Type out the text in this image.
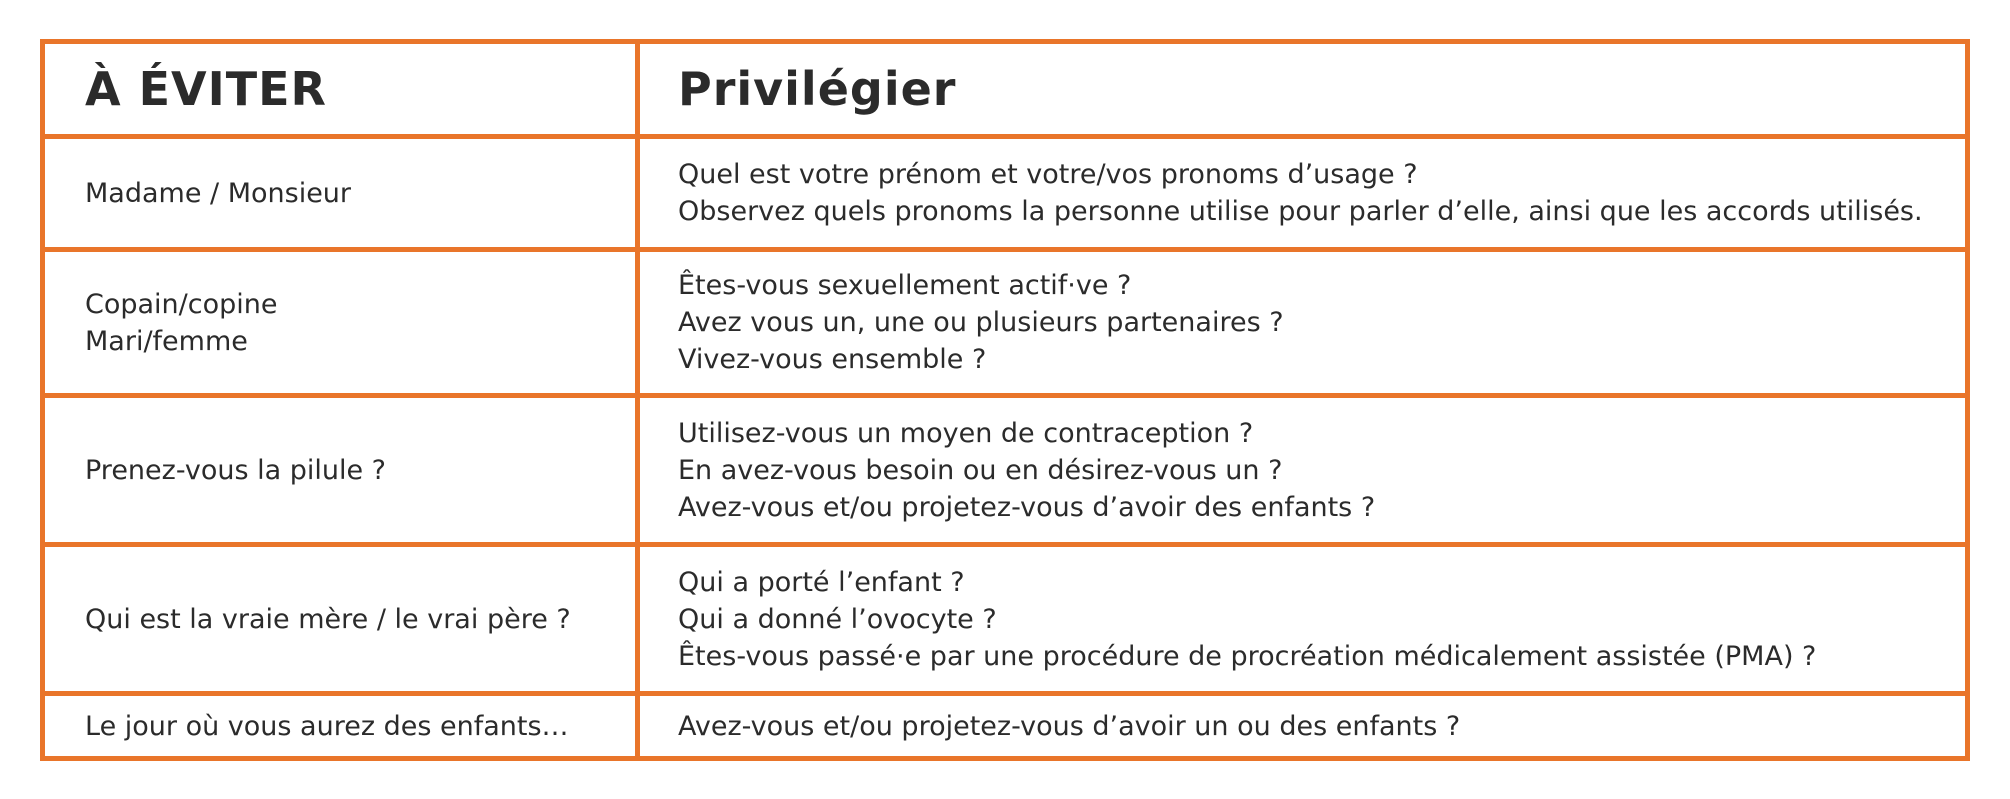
À ÉVITER	Privilégier
Madame / Monsieur
Quel est votre prénom et votre/vos pronoms d’usage ?
Observez quels pronoms la personne utilise pour parler d’elle, ainsi que les accords utilisés.
Copain/copine
Mari/femme
Êtes-vous sexuellement actif·ve ?
Avez vous un, une ou plusieurs partenaires ?
Vivez-vous ensemble ?
Prenez-vous la pilule ?
Utilisez-vous un moyen de contraception ?
En avez-vous besoin ou en désirez-vous un ?
Avez-vous et/ou projetez-vous d’avoir des enfants ?
Qui est la vraie mère / le vrai père ?
Qui a porté l’enfant ?
Qui a donné l’ovocyte ?
Êtes-vous passé·e par une procédure de procréation médicalement assistée (PMA) ?
Le jour où vous aurez des enfants…	Avez-vous et/ou projetez-vous d’avoir un ou des enfants ?
